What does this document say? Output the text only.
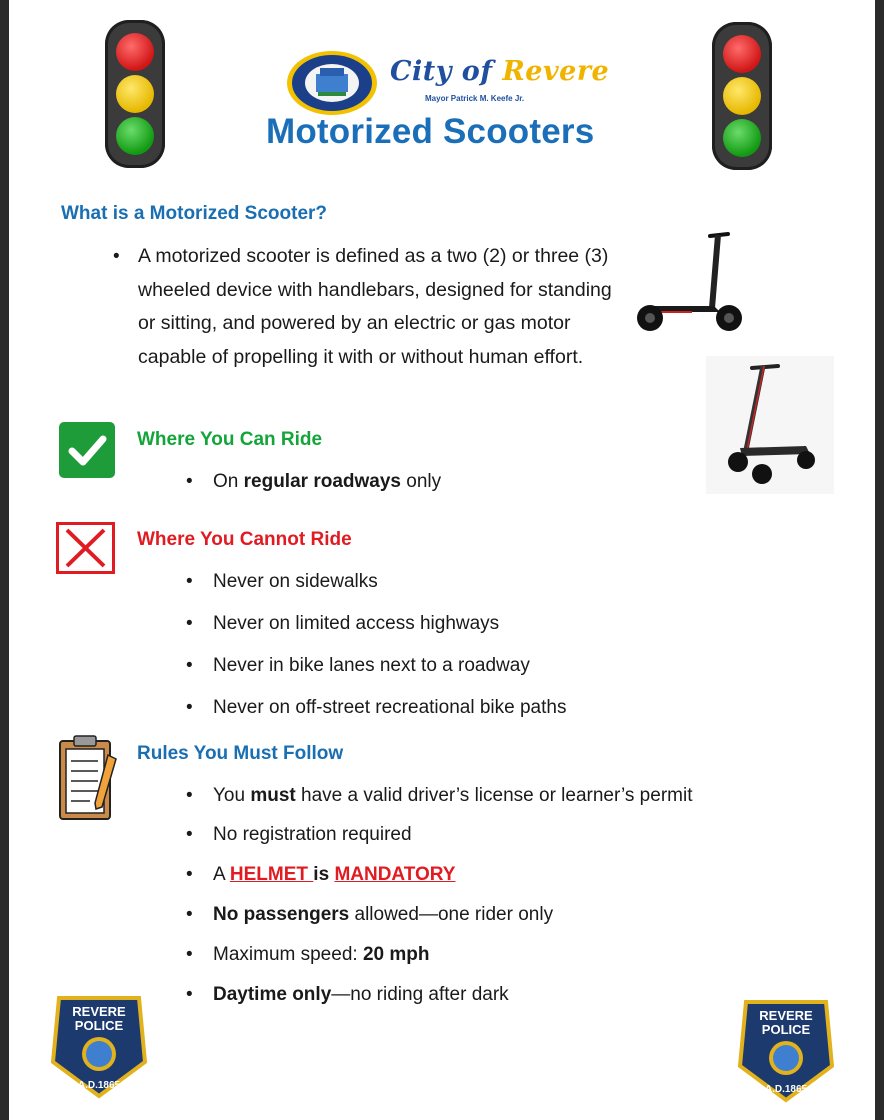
City of Revere
Mayor Patrick M. Keefe Jr.
Motorized Scooters
What is a Motorized Scooter?
• A motorized scooter is defined as a two (2) or three (3) wheeled device with handlebars, designed for standing or sitting, and powered by an electric or gas motor capable of propelling it with or without human effort.
Where You Can Ride
• On regular roadways only
Where You Cannot Ride
• Never on sidewalks
• Never on limited access highways
• Never in bike lanes next to a roadway
• Never on off-street recreational bike paths
Rules You Must Follow
• You must have a valid driver’s license or learner’s permit
• No registration required
• A HELMET is MANDATORY
• No passengers allowed—one rider only
• Maximum speed: 20 mph
• Daytime only—no riding after dark
REVERE
POLICE
A.D.1865
REVERE
POLICE
A.D.1865
